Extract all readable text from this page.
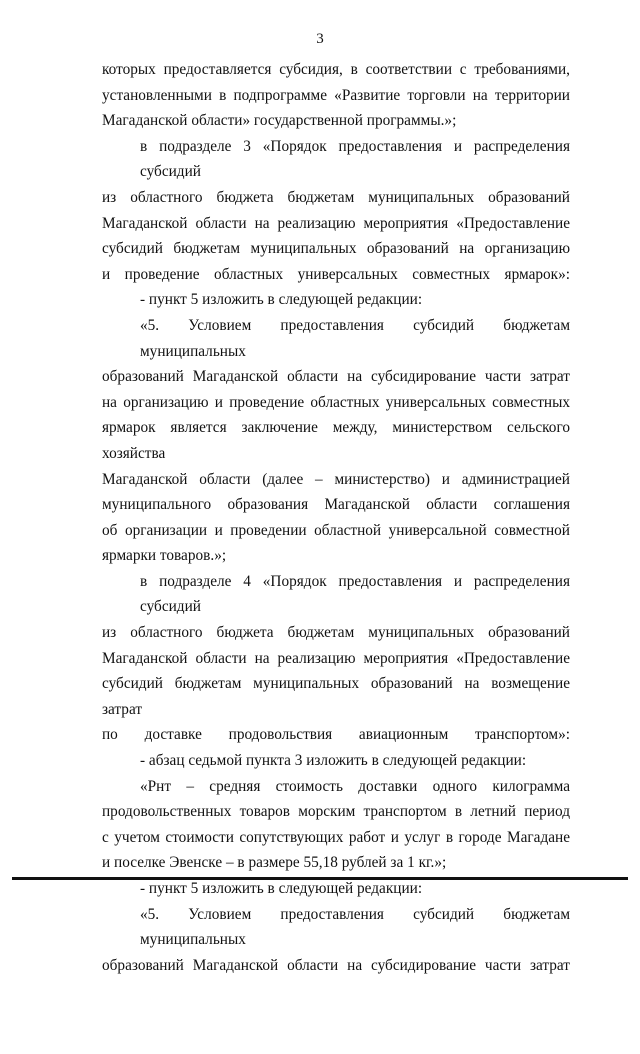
3

которых предоставляется субсидия, в соответствии с требованиями,
установленными в подпрограмме «Развитие торговли на территории
Магаданской области» государственной программы.»;

в подразделе 3 «Порядок предоставления и распределения субсидий
из областного бюджета бюджетам муниципальных образований
Магаданской области на реализацию мероприятия «Предоставление
субсидий бюджетам муниципальных образований на организацию
и проведение областных универсальных совместных ярмарок»:

- пункт 5 изложить в следующей редакции:

«5. Условием предоставления субсидий бюджетам муниципальных
образований Магаданской области на субсидирование части затрат
на организацию и проведение областных универсальных совместных
ярмарок является заключение между, министерством сельского хозяйства
Магаданской области (далее – министерство) и администрацией
муниципального образования Магаданской области соглашения
об организации и проведении областной универсальной совместной
ярмарки товаров.»;

в подразделе 4 «Порядок предоставления и распределения субсидий
из областного бюджета бюджетам муниципальных образований
Магаданской области на реализацию мероприятия «Предоставление
субсидий бюджетам муниципальных образований на возмещение затрат
по доставке продовольствия авиационным транспортом»:

- абзац седьмой пункта 3 изложить в следующей редакции:

«Рнт – средняя стоимость доставки одного килограмма
продовольственных товаров морским транспортом в летний период
с учетом стоимости сопутствующих работ и услуг в городе Магадане
и поселке Эвенске – в размере 55,18 рублей за 1 кг.»;

- пункт 5 изложить в следующей редакции:

«5. Условием предоставления субсидий бюджетам муниципальных
образований Магаданской области на субсидирование части затрат
